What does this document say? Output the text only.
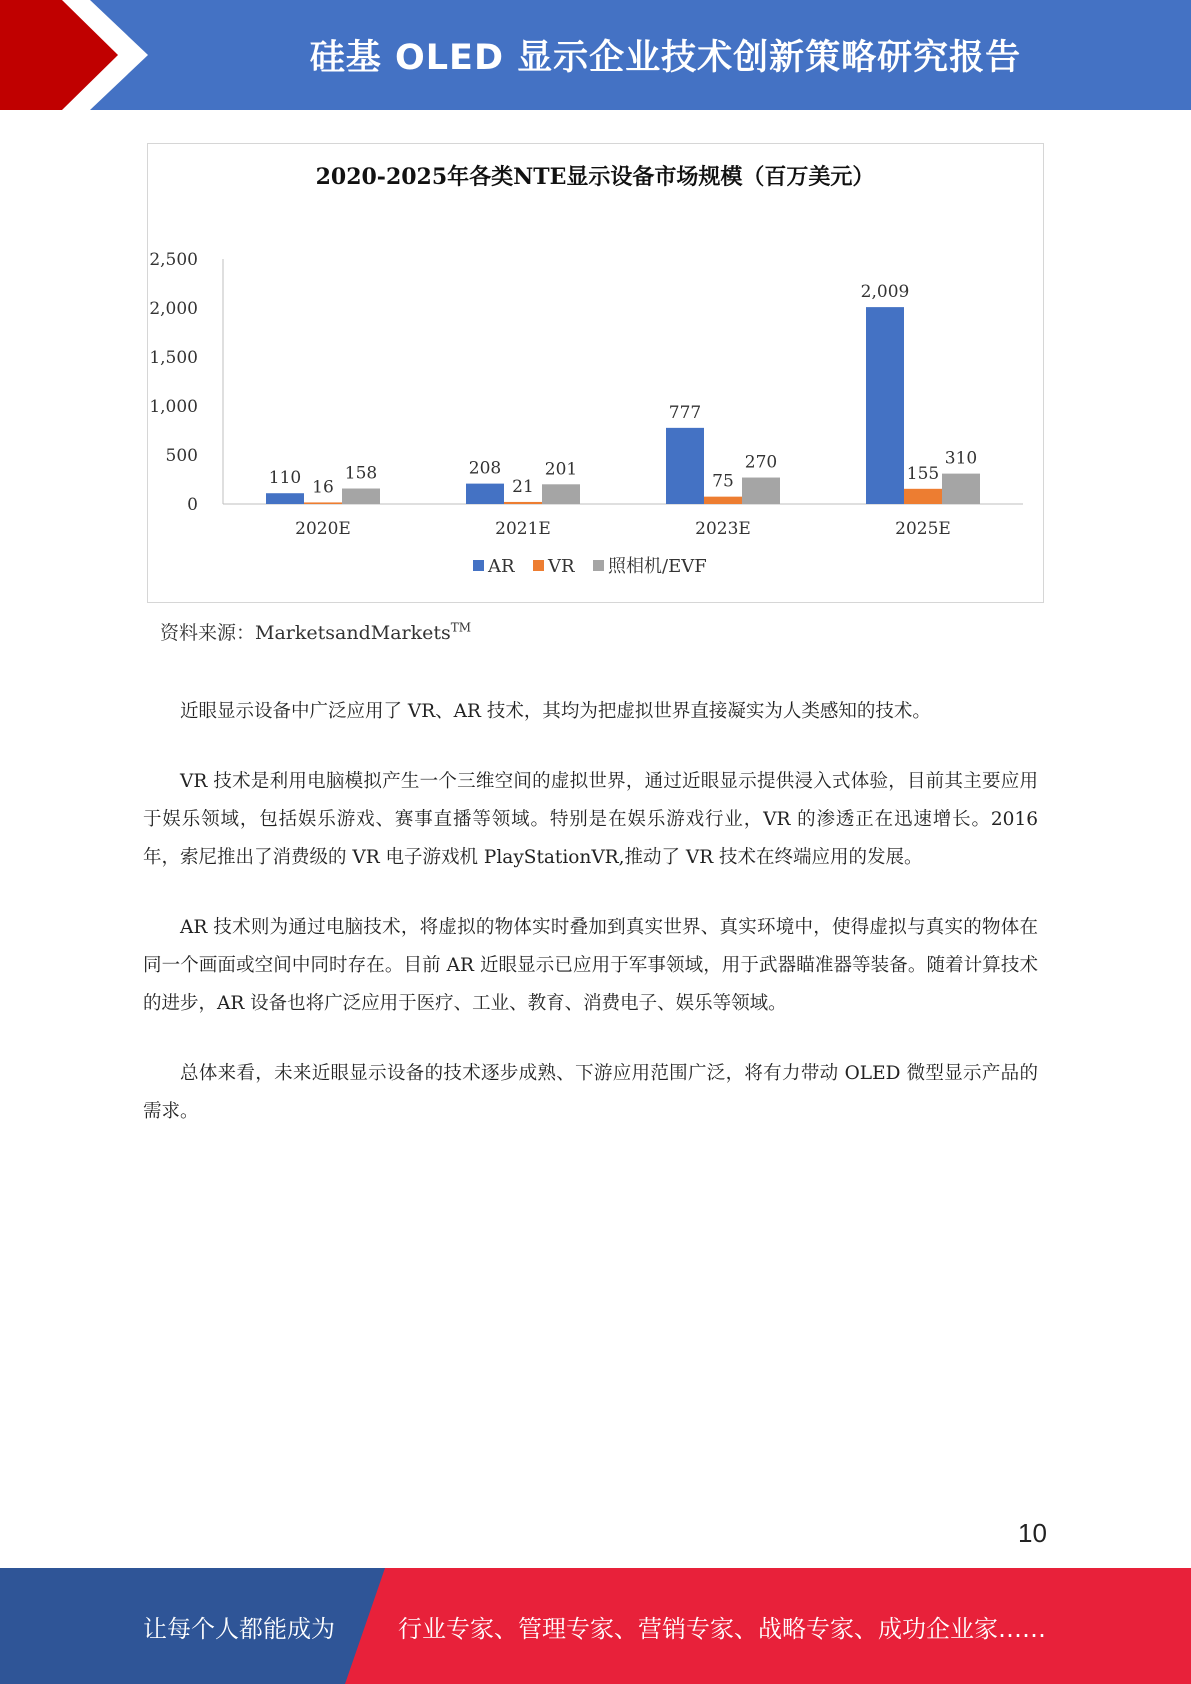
硅基 OLED 显示企业技术创新策略研究报告
2020-2025年各类NTE显示设备市场规模（百万美元）
0
500
1,000
1,500
2,000
2,500
110 16
158
2020E
208
21
201
2021E
777
75
270
2023E
2,009
155
310
2025E
AR VR 照相机/EVF
资料来源：MarketsandMarkets™

近眼显示设备中广泛应用了 VR、AR 技术，其均为把虚拟世界直接凝实为人类感知的技术。

VR 技术是利用电脑模拟产生一个三维空间的虚拟世界，通过近眼显示提供浸入式体验，目前其主要应用于娱乐领域，包括娱乐游戏、赛事直播等领域。特别是在娱乐游戏行业，VR 的渗透正在迅速增长。2016 年，索尼推出了消费级的 VR 电子游戏机 PlayStationVR,推动了 VR 技术在终端应用的发展。

AR 技术则为通过电脑技术，将虚拟的物体实时叠加到真实世界、真实环境中，使得虚拟与真实的物体在同一个画面或空间中同时存在。目前 AR 近眼显示已应用于军事领域，用于武器瞄准器等装备。随着计算技术的进步，AR 设备也将广泛应用于医疗、工业、教育、消费电子、娱乐等领域。

总体来看，未来近眼显示设备的技术逐步成熟、下游应用范围广泛，将有力带动 OLED 微型显示产品的需求。

10
让每个人都能成为	行业专家、管理专家、营销专家、战略专家、成功企业家……
